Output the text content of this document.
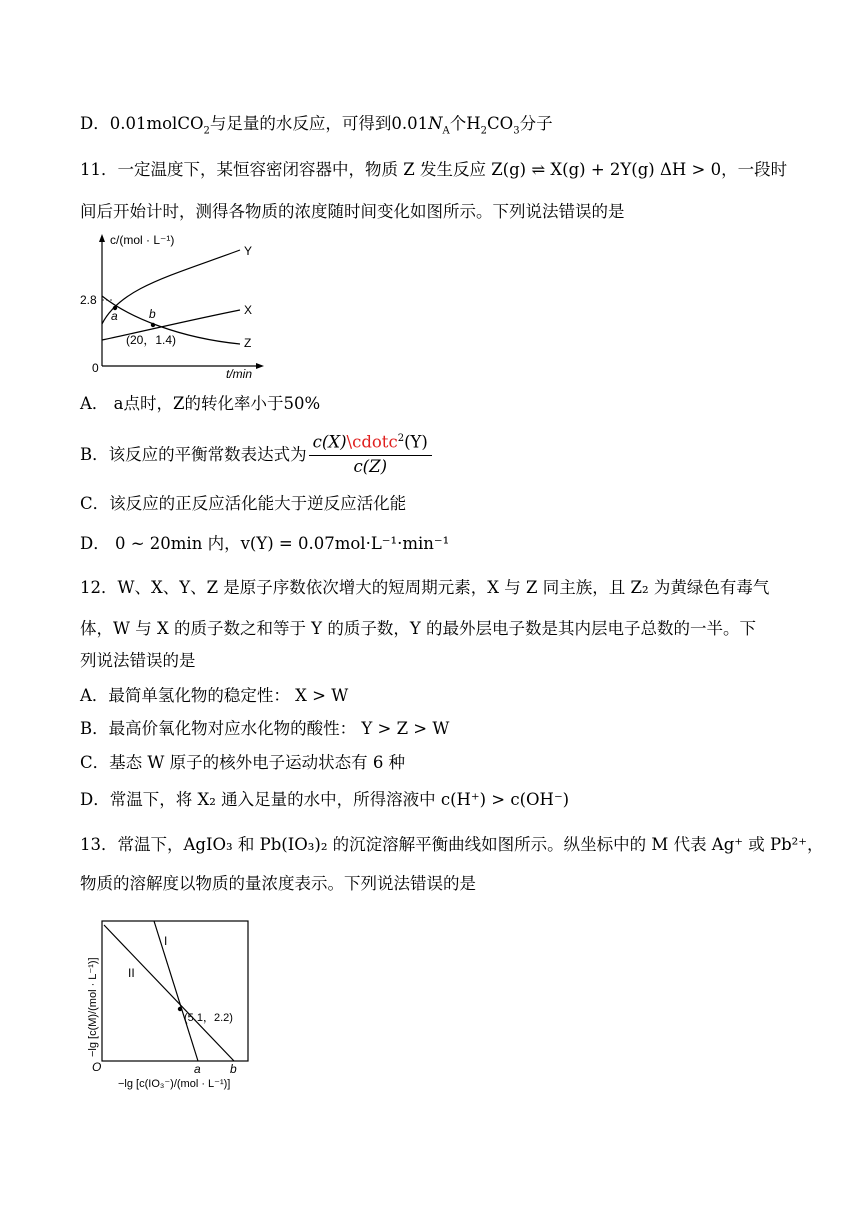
D．0.01molCO$_2$与足量的水反应，可得到$0.01N_A$个$H_2CO_3$分子
11．一定温度下，某恒容密闭容器中，物质 Z 发生反应 Z(g) ⇌ X(g) + 2Y(g) ΔH > 0，一段时
间后开始计时，测得各物质的浓度随时间变化如图所示。下列说法错误的是
c/(mol · L⁻¹)
t/min
0
2.8
a	b
(20，1.4)
Y
X
Z
A． a点时，Z的转化率小于50%
B．该反应的平衡常数表达式为 $\frac{c(X)\backslash cdotc^2(Y)}{c(Z)}$
C．该反应的正反应活化能大于逆反应活化能
D． 0 ~ 20min 内，v(Y) = 0.07mol·L⁻¹·min⁻¹
12．W、X、Y、Z 是原子序数依次增大的短周期元素，X 与 Z 同主族，且 Z₂ 为黄绿色有毒气
体，W 与 X 的质子数之和等于 Y 的质子数，Y 的最外层电子数是其内层电子总数的一半。下
列说法错误的是
A．最简单氢化物的稳定性： X > W
B．最高价氧化物对应水化物的酸性： Y > Z > W
C．基态 W 原子的核外电子运动状态有 6 种
D．常温下，将 X₂ 通入足量的水中，所得溶液中 c(H⁺) > c(OH⁻)
13．常温下，AgIO₃ 和 Pb(IO₃)₂ 的沉淀溶解平衡曲线如图所示。纵坐标中的 M 代表 Ag⁺ 或 Pb²⁺，
物质的溶解度以物质的量浓度表示。下列说法错误的是
−lg [c(M)/(mol · L⁻¹)]
−lg [c(IO₃⁻)/(mol · L⁻¹)]
O
I
II
(5.1，2.2)
a b
